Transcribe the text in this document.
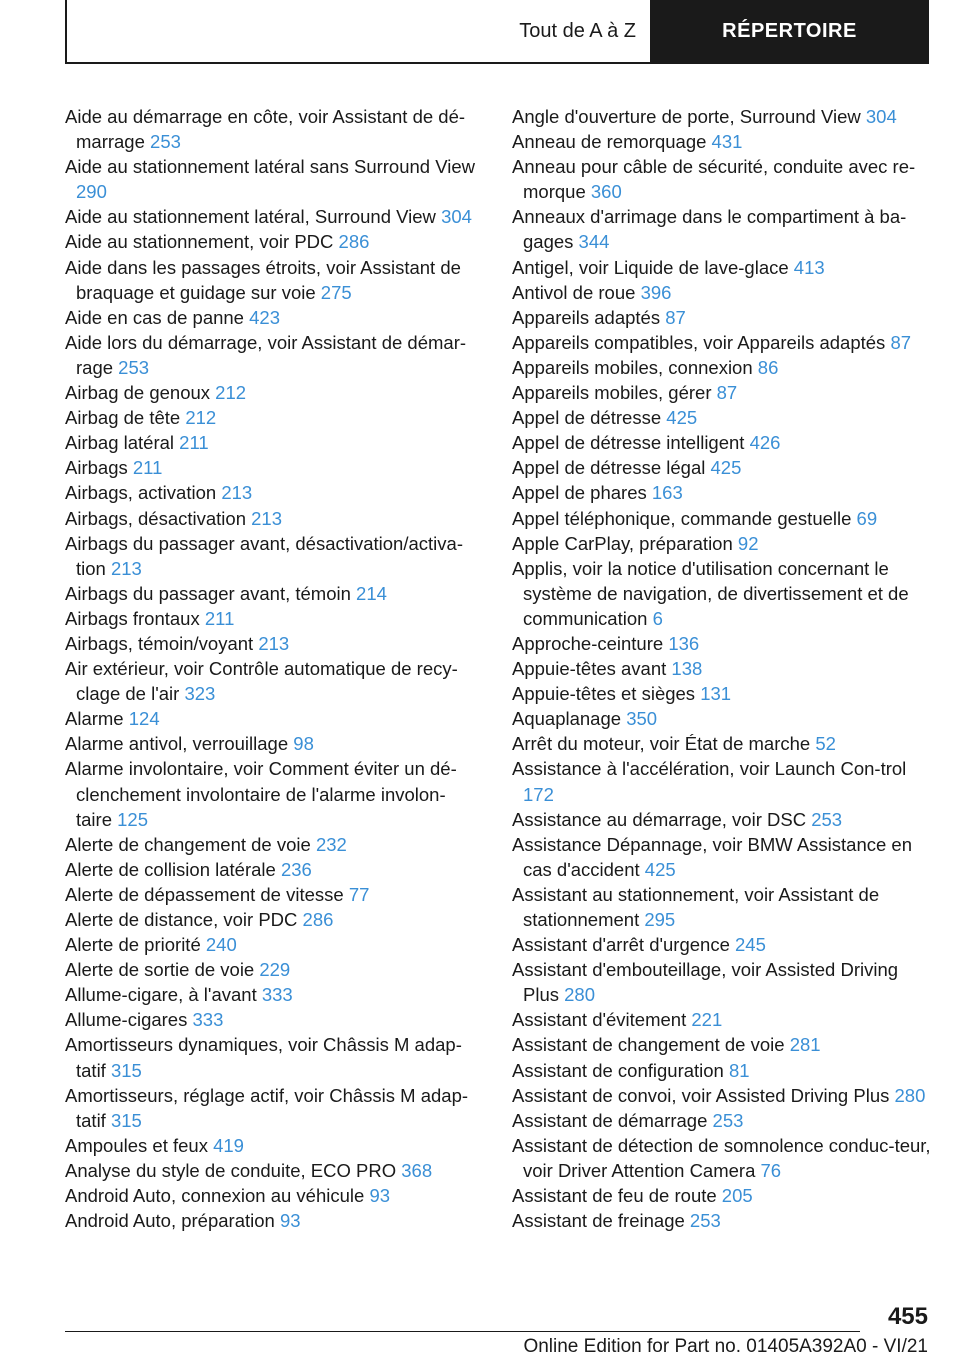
Tout de A à Z	RÉPERTOIRE
Aide au démarrage en côte, voir Assistant de dé-marrage 253
Aide au stationnement latéral sans Surround View 290
Aide au stationnement latéral, Surround View 304
Aide au stationnement, voir PDC 286
Aide dans les passages étroits, voir Assistant de braquage et guidage sur voie 275
Aide en cas de panne 423
Aide lors du démarrage, voir Assistant de démar-rage 253
Airbag de genoux 212
Airbag de tête 212
Airbag latéral 211
Airbags 211
Airbags, activation 213
Airbags, désactivation 213
Airbags du passager avant, désactivation/activa-tion 213
Airbags du passager avant, témoin 214
Airbags frontaux 211
Airbags, témoin/voyant 213
Air extérieur, voir Contrôle automatique de recy-clage de l'air 323
Alarme 124
Alarme antivol, verrouillage 98
Alarme involontaire, voir Comment éviter un dé-clenchement involontaire de l'alarme involon-taire 125
Alerte de changement de voie 232
Alerte de collision latérale 236
Alerte de dépassement de vitesse 77
Alerte de distance, voir PDC 286
Alerte de priorité 240
Alerte de sortie de voie 229
Allume-cigare, à l'avant 333
Allume-cigares 333
Amortisseurs dynamiques, voir Châssis M adap-tatif 315
Amortisseurs, réglage actif, voir Châssis M adap-tatif 315
Ampoules et feux 419
Analyse du style de conduite, ECO PRO 368
Android Auto, connexion au véhicule 93
Android Auto, préparation 93
Angle d'ouverture de porte, Surround View 304
Anneau de remorquage 431
Anneau pour câble de sécurité, conduite avec re-morque 360
Anneaux d'arrimage dans le compartiment à ba-gages 344
Antigel, voir Liquide de lave-glace 413
Antivol de roue 396
Appareils adaptés 87
Appareils compatibles, voir Appareils adaptés 87
Appareils mobiles, connexion 86
Appareils mobiles, gérer 87
Appel de détresse 425
Appel de détresse intelligent 426
Appel de détresse légal 425
Appel de phares 163
Appel téléphonique, commande gestuelle 69
Apple CarPlay, préparation 92
Applis, voir la notice d'utilisation concernant le système de navigation, de divertissement et de communication 6
Approche-ceinture 136
Appuie-têtes avant 138
Appuie-têtes et sièges 131
Aquaplanage 350
Arrêt du moteur, voir État de marche 52
Assistance à l'accélération, voir Launch Con-trol 172
Assistance au démarrage, voir DSC 253
Assistance Dépannage, voir BMW Assistance en cas d'accident 425
Assistant au stationnement, voir Assistant de stationnement 295
Assistant d'arrêt d'urgence 245
Assistant d'embouteillage, voir Assisted Driving Plus 280
Assistant d'évitement 221
Assistant de changement de voie 281
Assistant de configuration 81
Assistant de convoi, voir Assisted Driving Plus 280
Assistant de démarrage 253
Assistant de détection de somnolence conduc-teur, voir Driver Attention Camera 76
Assistant de feu de route 205
Assistant de freinage 253
455
Online Edition for Part no. 01405A392A0 - VI/21
